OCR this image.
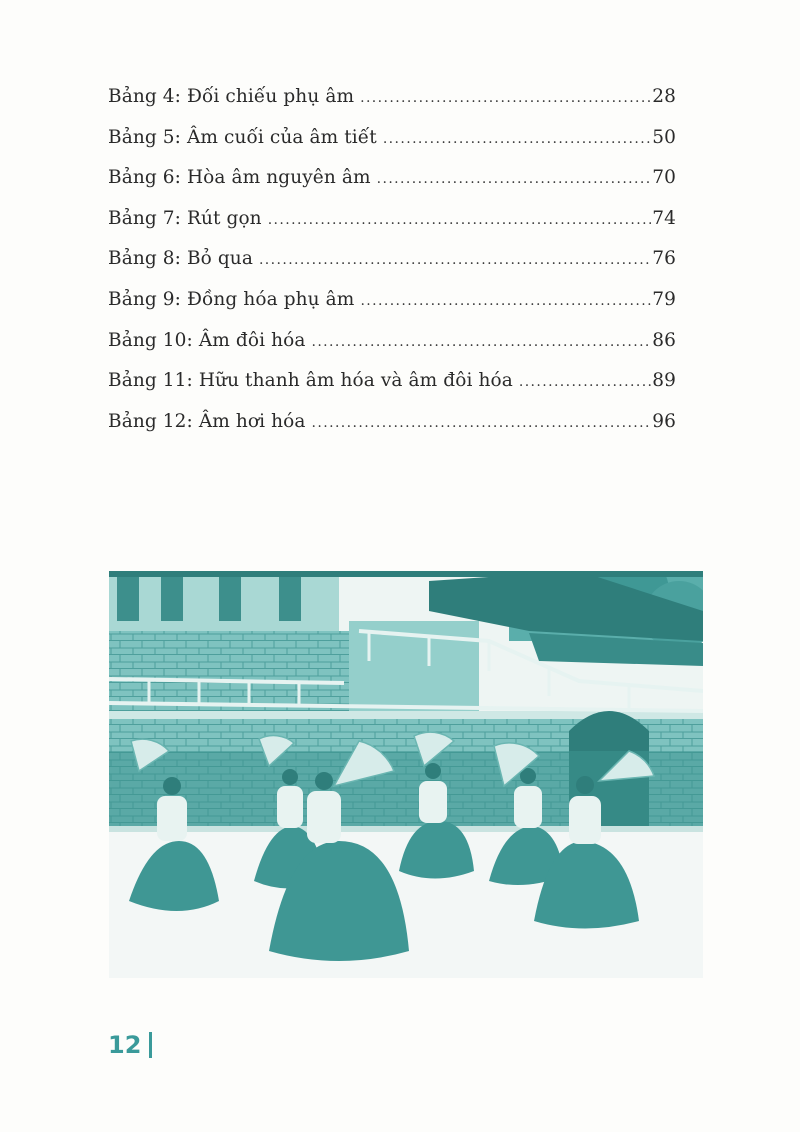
Bảng 4: Đối chiếu phụ âm .....	28
Bảng 5: Âm cuối của âm tiết .....	50
Bảng 6: Hòa âm nguyên âm .....	70
Bảng 7: Rút gọn .....	74
Bảng 8: Bỏ qua .....	76
Bảng 9: Đồng hóa phụ âm .....	79
Bảng 10: Âm đôi hóa .....	86
Bảng 11: Hữu thanh âm hóa và âm đôi hóa .....	89
Bảng 12: Âm hơi hóa .....	96
12
